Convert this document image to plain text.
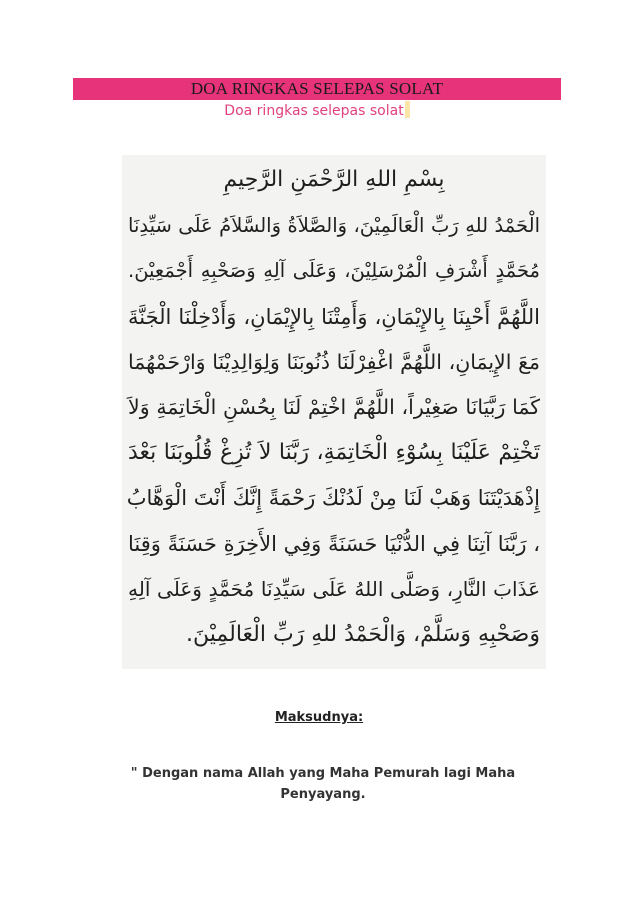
DOA RINGKAS SELEPAS SOLAT
Doa ringkas selepas solat
بِسْمِ اللهِ الرَّحْمَنِ الرَّحِيمِ
الْحَمْدُ للهِ رَبِّ الْعَالَمِيْنَ، وَالصَّلاَةُ وَالسَّلاَمُ عَلَى سَيِّدِنَا
مُحَمَّدٍ أَشْرَفِ الْمُرْسَلِيْنَ، وَعَلَى آلِهِ وَصَحْبِهِ أَجْمَعِيْنَ.
اللَّهُمَّ أَحْيِنَا بِالإِيْمَانِ، وَأَمِتْنَا بِالإِيْمَانِ، وَأَدْخِلْنَا الْجَنَّةَ
مَعَ الإِيمَانِ، اللَّهُمَّ اغْفِرْلَنَا ذُنُوبَنَا وَلِوَالِدِيْنَا وَارْحَمْهُمَا
كَمَا رَبَّيَانَا صَغِيْراً، اللَّهُمَّ اخْتِمْ لَنَا بِحُسْنِ الْخَاتِمَةِ وَلاَ
تَخْتِمْ عَلَيْنَا بِسُوْءِ الْخَاتِمَةِ، رَبَّنَا لاَ تُزِغْ قُلُوبَنَا بَعْدَ
إِذْهَدَيْتَنَا وَهَبْ لَنَا مِنْ لَدُنْكَ رَحْمَةً إِنَّكَ أَنْتَ الْوَهَّابُ
، رَبَّنَا آتِنَا فِي الدُّنْيَا حَسَنَةً وَفِي الأَخِرَةِ حَسَنَةً وَقِنَا
عَذَابَ النَّارِ، وَصَلَّى اللهُ عَلَى سَيِّدِنَا مُحَمَّدٍ وَعَلَى آلِهِ
وَصَحْبِهِ وَسَلَّمْ، وَالْحَمْدُ للهِ رَبِّ الْعَالَمِيْنَ.
Maksudnya:
" Dengan nama Allah yang Maha Pemurah lagi Maha Penyayang.
